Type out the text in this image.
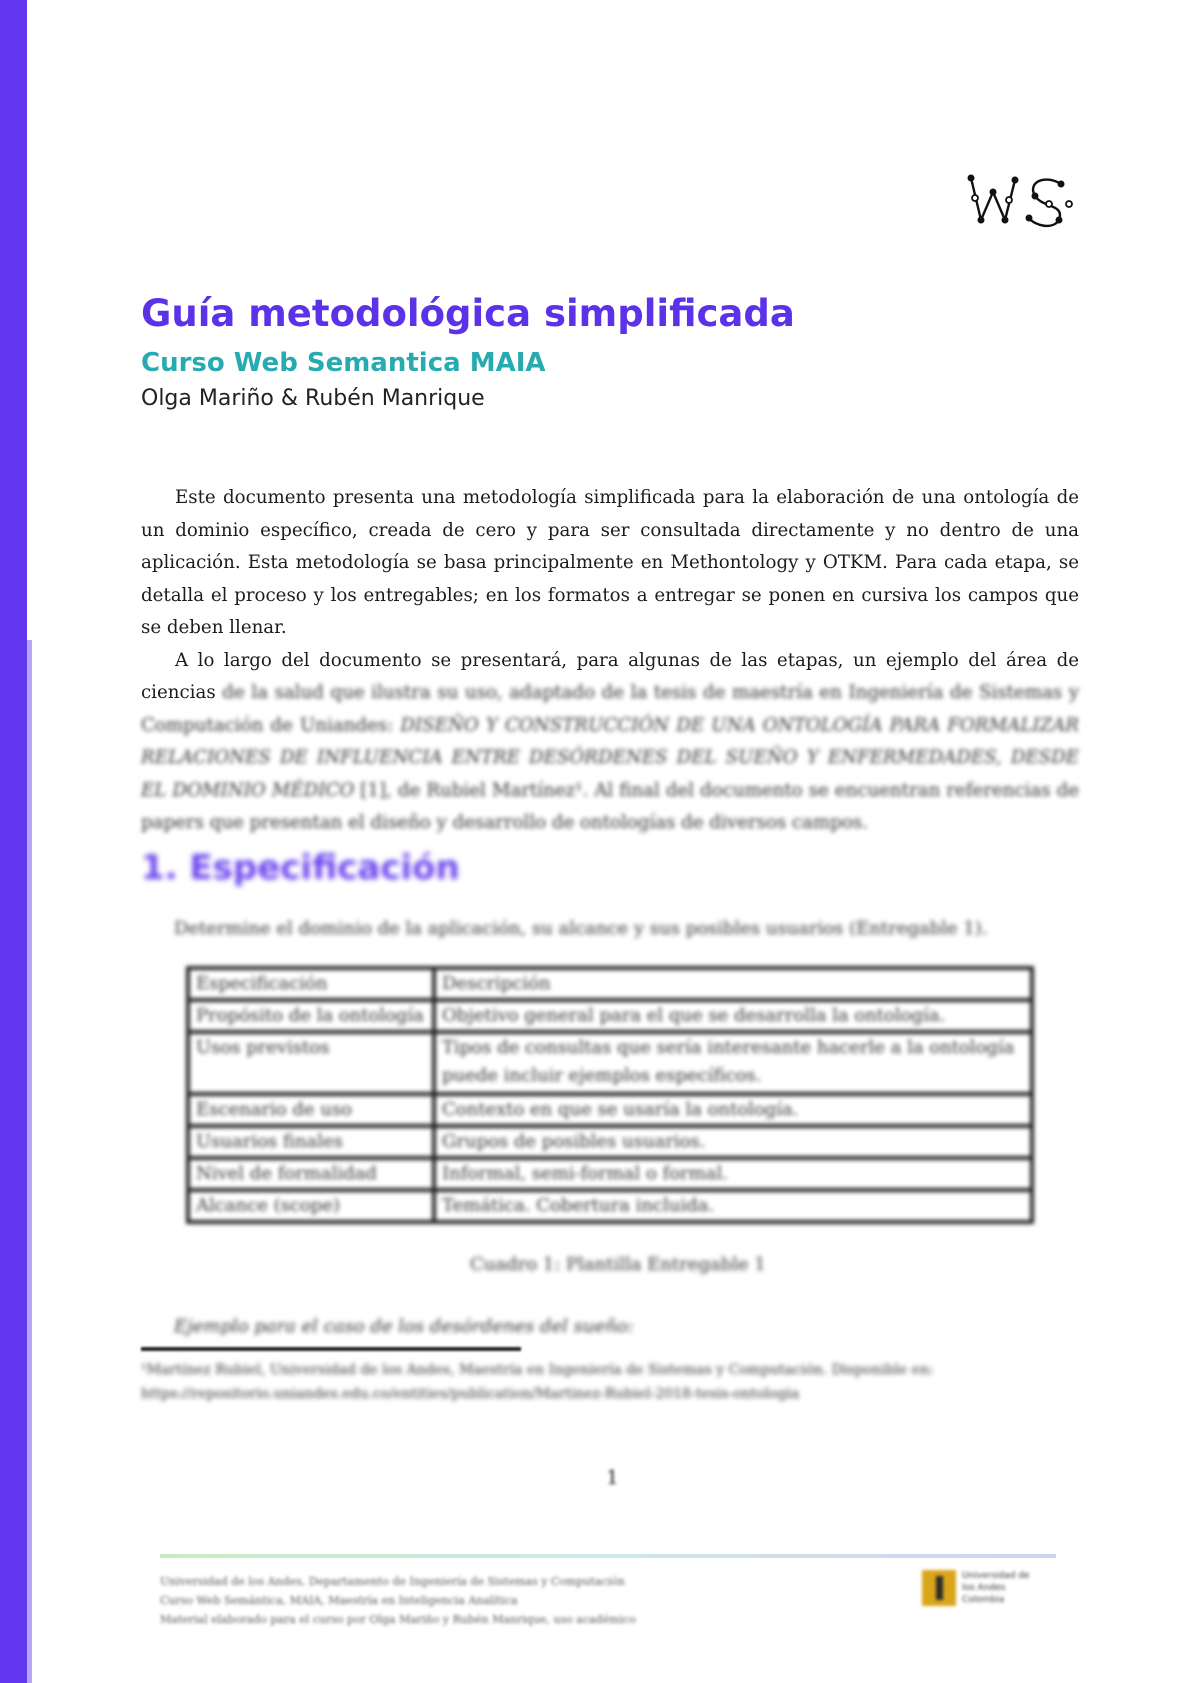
Guía metodológica simplificada
Curso Web Semantica MAIA

Olga Mariño & Rubén Manrique

Este documento presenta una metodología simplificada para la elaboración de una ontología de un dominio específico, creada de cero y para ser consultada directamente y no dentro de una aplicación. Esta metodología se basa principalmente en Methontology y OTKM. Para cada etapa, se detalla el proceso y los entregables; en los formatos a entregar se ponen en cursiva los campos que se deben llenar.

A lo largo del documento se presentará, para algunas de las etapas, un ejemplo del área de ciencias de la salud que ilustra su uso, adaptado de la tesis de maestría en Ingeniería de Sistemas y Computación de Uniandes: DISEÑO Y CONSTRUCCIÓN DE UNA ONTOLOGÍA PARA FORMALIZAR RELACIONES DE INFLUENCIA ENTRE DESÓRDENES DEL SUEÑO Y ENFERMEDADES, DESDE EL DOMINIO MÉDICO [1], de Rubiel Martínez¹. Al final del documento se encuentran referencias de papers que presentan el diseño y desarrollo de ontologías de diversos campos.

1. Especificación

Determine el dominio de la aplicación, su alcance y sus posibles usuarios (Entregable 1).

Especificación	Descripción
Propósito de la ontología	Objetivo general para el que se desarrolla la ontología.
Usos previstos	Tipos de consultas que sería interesante hacerle a la ontología puede incluir ejemplos específicos.
Escenario de uso	Contexto en que se usaría la ontología.
Usuarios finales	Grupos de posibles usuarios.
Nivel de formalidad	Informal, semi-formal o formal.
Alcance (scope)	Temática. Cobertura incluida.

Cuadro 1: Plantilla Entregable 1

Ejemplo para el caso de los desórdenes del sueño:

¹Martínez Rubiel, Universidad de los Andes, Maestría en Ingeniería de Sistemas y Computación. Disponible en: https://repositorio.uniandes.edu.co/entities/publication/Martinez-Rubiel-2018-tesis-ontologia

1

Universidad de los Andes, Departamento de Ingeniería de Sistemas y Computación
Curso Web Semántica, MAIA, Maestría en Inteligencia Analítica
Material elaborado para el curso por Olga Mariño y Rubén Manrique, uso académico
Universidad de
los Andes
Colombia
